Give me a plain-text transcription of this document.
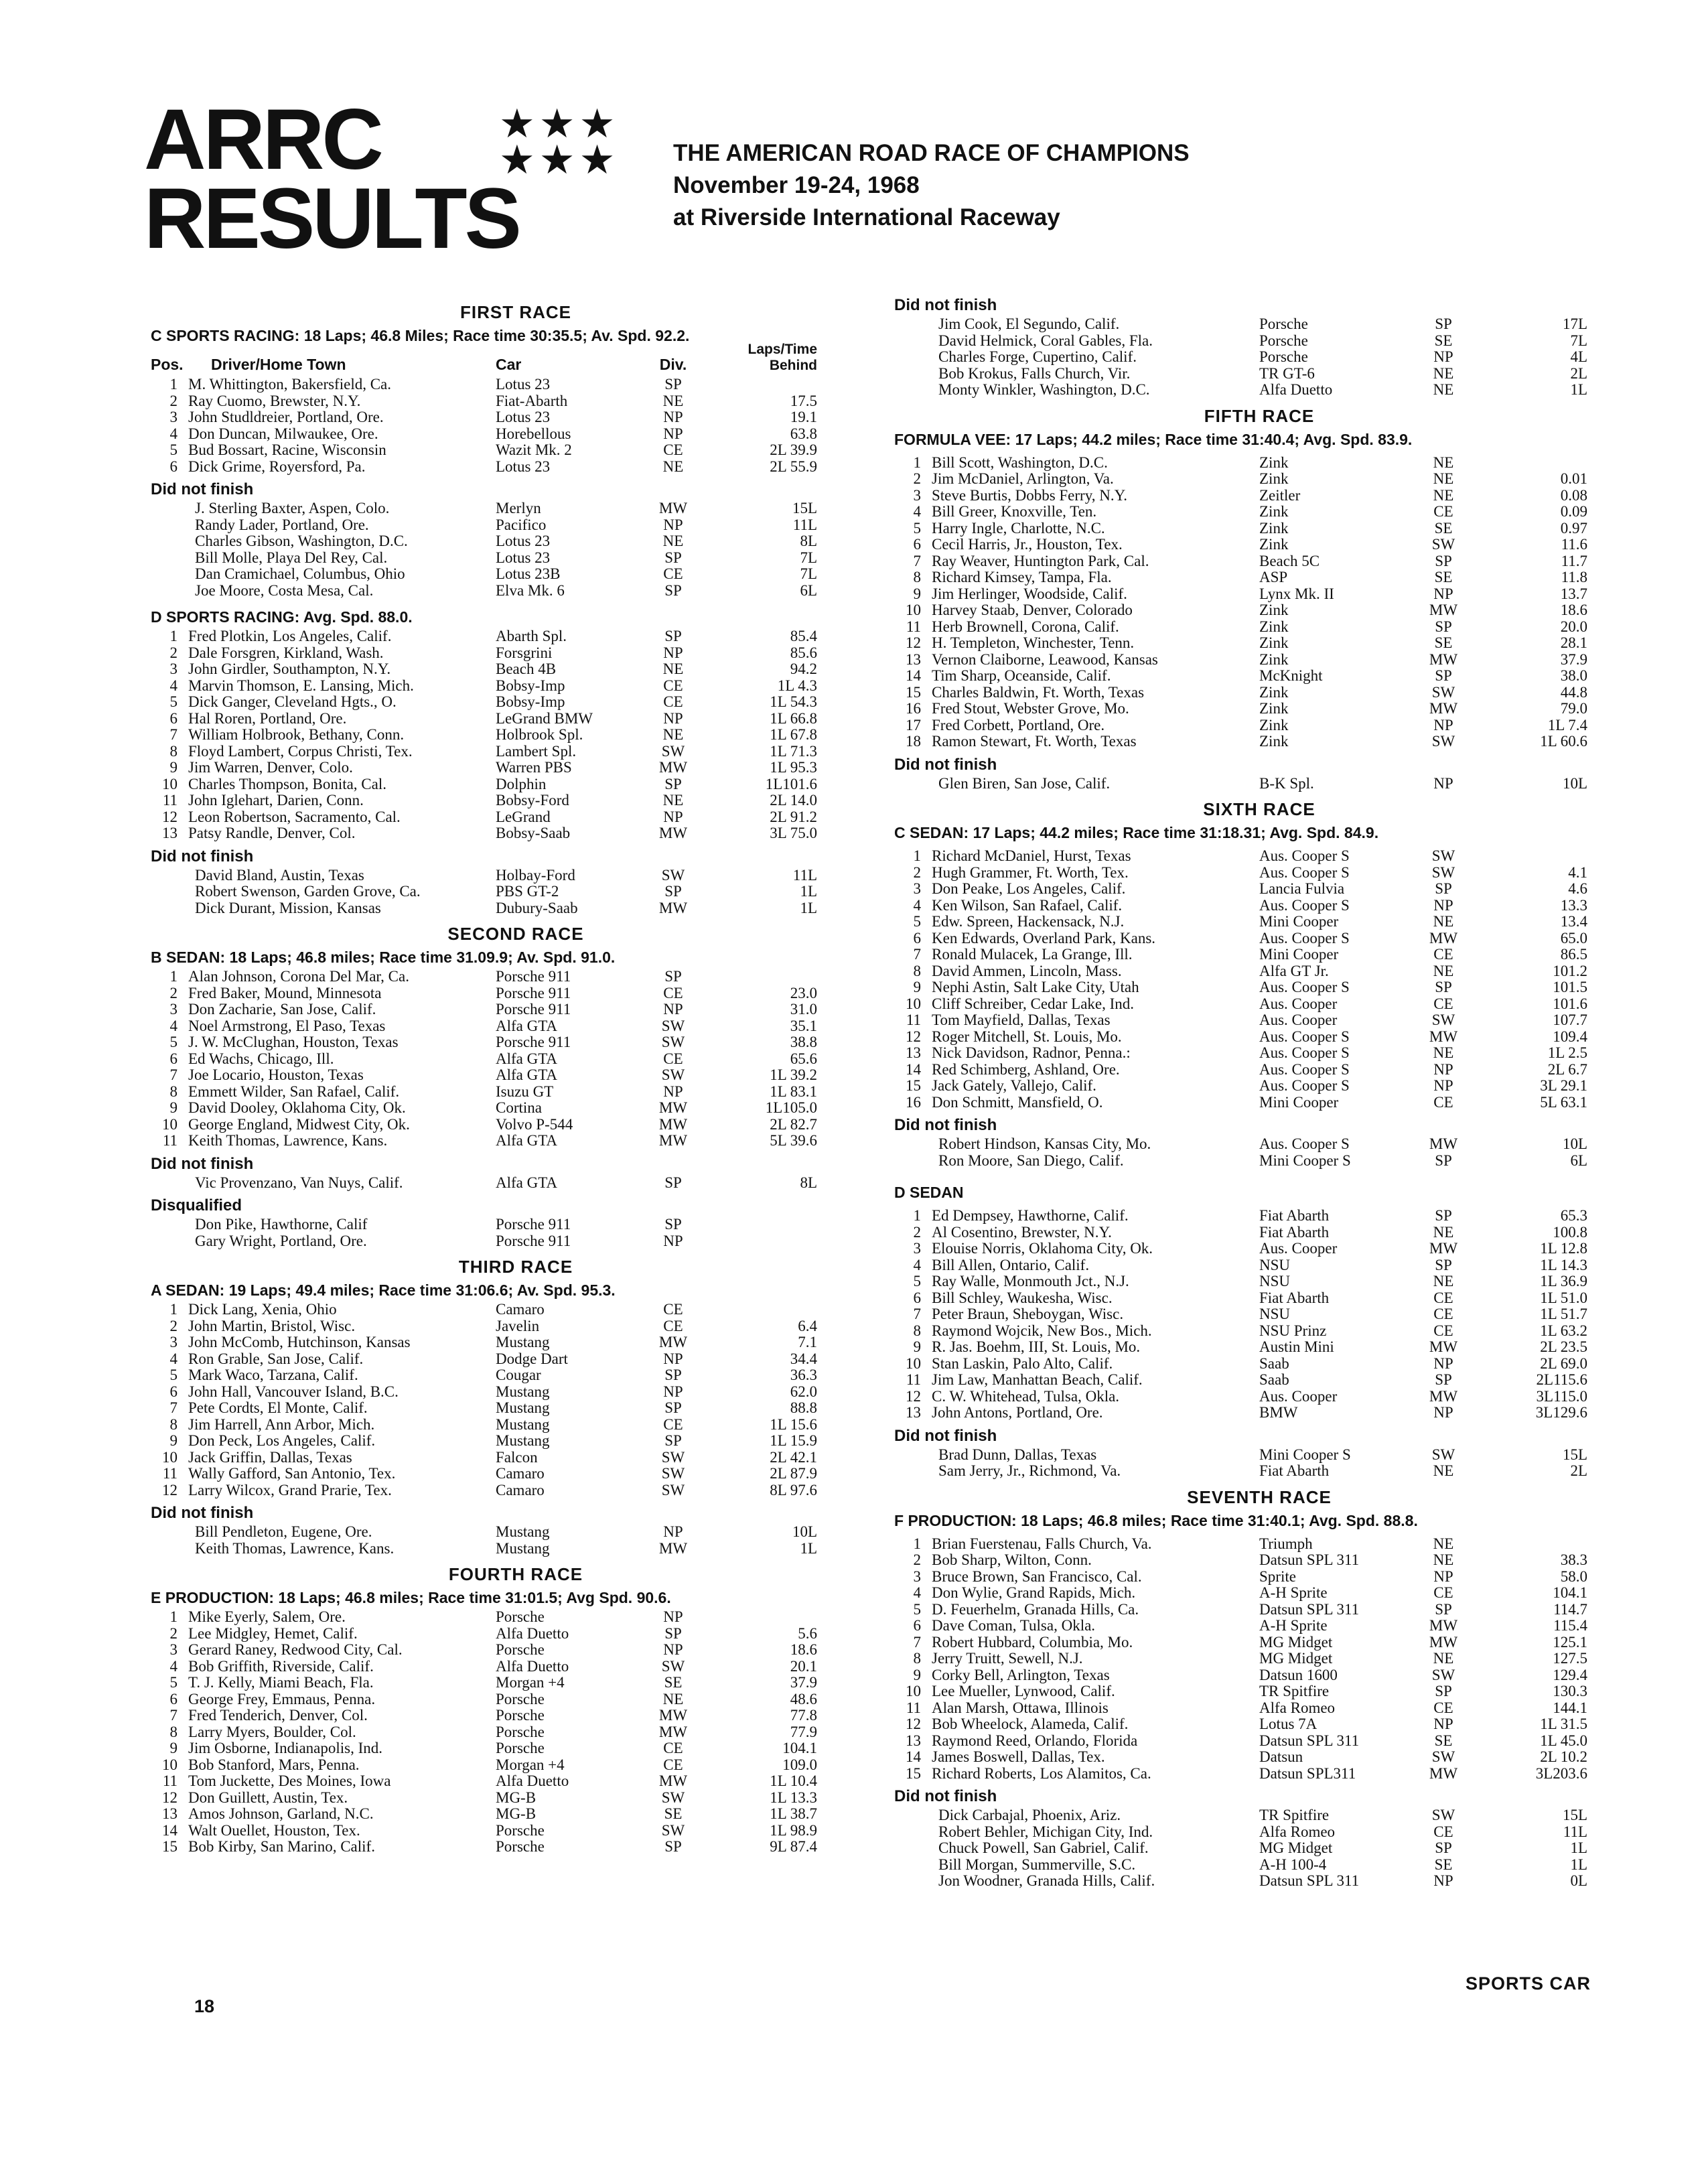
ARRC
RESULTS
★★★
★★★ THE AMERICAN ROAD RACE OF CHAMPIONS
November 19-24, 1968
at Riverside International Raceway
FIRST RACE
C SPORTS RACING: 18 Laps; 46.8 Miles; Race time 30:35.5; Av. Spd. 92.2.
Pos.	Driver/Home Town	Car	Div.
Laps/Time Behind
1 M. Whittington, Bakersfield, Ca.	Lotus 23	SP
2 Ray Cuomo, Brewster, N.Y.	Fiat-Abarth	NE	17.5
3 John Studldreier, Portland, Ore.	Lotus 23	NP	19.1
4 Don Duncan, Milwaukee, Ore.	Horebellous	NP	63.8
5 Bud Bossart, Racine, Wisconsin	Wazit Mk. 2	CE	2L 39.9
6 Dick Grime, Royersford, Pa.	Lotus 23	NE	2L 55.9
Did not finish
J. Sterling Baxter, Aspen, Colo.	Merlyn	MW	15L
Randy Lader, Portland, Ore.	Pacifico	NP	11L
Charles Gibson, Washington, D.C.	Lotus 23	NE	8L
Bill Molle, Playa Del Rey, Cal.	Lotus 23	SP	7L
Dan Cramichael, Columbus, Ohio	Lotus 23B	CE	7L
Joe Moore, Costa Mesa, Cal.	Elva Mk. 6	SP	6L
D SPORTS RACING: Avg. Spd. 88.0.
1 Fred Plotkin, Los Angeles, Calif.	Abarth Spl.	SP	85.4
2 Dale Forsgren, Kirkland, Wash.	Forsgrini	NP	85.6
3 John Girdler, Southampton, N.Y.	Beach 4B	NE	94.2
4 Marvin Thomson, E. Lansing, Mich.	Bobsy-Imp	CE	1L 4.3
5 Dick Ganger, Cleveland Hgts., O.	Bobsy-Imp	CE	1L 54.3
6 Hal Roren, Portland, Ore.	LeGrand BMW	NP	1L 66.8
7 William Holbrook, Bethany, Conn.	Holbrook Spl.	NE	1L 67.8
8 Floyd Lambert, Corpus Christi, Tex.	Lambert Spl.	SW	1L 71.3
9 Jim Warren, Denver, Colo.	Warren PBS	MW	1L 95.3
10 Charles Thompson, Bonita, Cal.	Dolphin	SP	1L101.6
11 John Iglehart, Darien, Conn.	Bobsy-Ford	NE	2L 14.0
12 Leon Robertson, Sacramento, Cal.	LeGrand	NP	2L 91.2
13 Patsy Randle, Denver, Col.	Bobsy-Saab	MW	3L 75.0
Did not finish
David Bland, Austin, Texas	Holbay-Ford	SW	11L
Robert Swenson, Garden Grove, Ca.	PBS GT-2	SP	1L
Dick Durant, Mission, Kansas	Dubury-Saab	MW	1L
SECOND RACE
B SEDAN: 18 Laps; 46.8 miles; Race time 31.09.9; Av. Spd. 91.0.
1 Alan Johnson, Corona Del Mar, Ca.	Porsche 911	SP
2 Fred Baker, Mound, Minnesota	Porsche 911	CE	23.0
3 Don Zacharie, San Jose, Calif.	Porsche 911	NP	31.0
4 Noel Armstrong, El Paso, Texas	Alfa GTA	SW	35.1
5 J. W. McClughan, Houston, Texas	Porsche 911	SW	38.8
6 Ed Wachs, Chicago, Ill.	Alfa GTA	CE	65.6
7 Joe Locario, Houston, Texas	Alfa GTA	SW	1L 39.2
8 Emmett Wilder, San Rafael, Calif.	Isuzu GT	NP	1L 83.1
9 David Dooley, Oklahoma City, Ok.	Cortina	MW	1L105.0
10 George England, Midwest City, Ok.	Volvo P-544	MW	2L 82.7
11 Keith Thomas, Lawrence, Kans.	Alfa GTA	MW	5L 39.6
Did not finish
Vic Provenzano, Van Nuys, Calif.	Alfa GTA	SP	8L
Disqualified
Don Pike, Hawthorne, Calif	Porsche 911	SP
Gary Wright, Portland, Ore.	Porsche 911	NP
THIRD RACE
A SEDAN: 19 Laps; 49.4 miles; Race time 31:06.6; Av. Spd. 95.3.
1 Dick Lang, Xenia, Ohio	Camaro	CE
2 John Martin, Bristol, Wisc.	Javelin	CE	6.4
3 John McComb, Hutchinson, Kansas	Mustang	MW	7.1
4 Ron Grable, San Jose, Calif.	Dodge Dart	NP	34.4
5 Mark Waco, Tarzana, Calif.	Cougar	SP	36.3
6 John Hall, Vancouver Island, B.C.	Mustang	NP	62.0
7 Pete Cordts, El Monte, Calif.	Mustang	SP	88.8
8 Jim Harrell, Ann Arbor, Mich.	Mustang	CE	1L 15.6
9 Don Peck, Los Angeles, Calif.	Mustang	SP	1L 15.9
10 Jack Griffin, Dallas, Texas	Falcon	SW	2L 42.1
11 Wally Gafford, San Antonio, Tex.	Camaro	SW	2L 87.9
12 Larry Wilcox, Grand Prarie, Tex.	Camaro	SW	8L 97.6
Did not finish
Bill Pendleton, Eugene, Ore.	Mustang	NP	10L
Keith Thomas, Lawrence, Kans.	Mustang	MW	1L
FOURTH RACE
E PRODUCTION: 18 Laps; 46.8 miles; Race time 31:01.5; Avg Spd. 90.6.
1 Mike Eyerly, Salem, Ore.	Porsche	NP
2 Lee Midgley, Hemet, Calif.	Alfa Duetto	SP	5.6
3 Gerard Raney, Redwood City, Cal.	Porsche	NP	18.6
4 Bob Griffith, Riverside, Calif.	Alfa Duetto	SW	20.1
5 T. J. Kelly, Miami Beach, Fla.	Morgan +4	SE	37.9
6 George Frey, Emmaus, Penna.	Porsche	NE	48.6
7 Fred Tenderich, Denver, Col.	Porsche	MW	77.8
8 Larry Myers, Boulder, Col.	Porsche	MW	77.9
9 Jim Osborne, Indianapolis, Ind.	Porsche	CE	104.1
10 Bob Stanford, Mars, Penna.	Morgan +4	CE	109.0
11 Tom Juckette, Des Moines, Iowa	Alfa Duetto	MW	1L 10.4
12 Don Guillett, Austin, Tex.	MG-B	SW	1L 13.3
13 Amos Johnson, Garland, N.C.	MG-B	SE	1L 38.7
14 Walt Ouellet, Houston, Tex.	Porsche	SW	1L 98.9
15 Bob Kirby, San Marino, Calif.	Porsche	SP	9L 87.4
Did not finish
Jim Cook, El Segundo, Calif.	Porsche	SP	17L
David Helmick, Coral Gables, Fla.	Porsche	SE	7L
Charles Forge, Cupertino, Calif.	Porsche	NP	4L
Bob Krokus, Falls Church, Vir.	TR GT-6	NE	2L
Monty Winkler, Washington, D.C.	Alfa Duetto	NE	1L
FIFTH RACE
FORMULA VEE: 17 Laps; 44.2 miles; Race time 31:40.4; Avg. Spd. 83.9.
1 Bill Scott, Washington, D.C.	Zink	NE
2 Jim McDaniel, Arlington, Va.	Zink	NE	0.01
3 Steve Burtis, Dobbs Ferry, N.Y.	Zeitler	NE	0.08
4 Bill Greer, Knoxville, Ten.	Zink	CE	0.09
5 Harry Ingle, Charlotte, N.C.	Zink	SE	0.97
6 Cecil Harris, Jr., Houston, Tex.	Zink	SW	11.6
7 Ray Weaver, Huntington Park, Cal.	Beach 5C	SP	11.7
8 Richard Kimsey, Tampa, Fla.	ASP	SE	11.8
9 Jim Herlinger, Woodside, Calif.	Lynx Mk. II	NP	13.7
10 Harvey Staab, Denver, Colorado	Zink	MW	18.6
11 Herb Brownell, Corona, Calif.	Zink	SP	20.0
12 H. Templeton, Winchester, Tenn.	Zink	SE	28.1
13 Vernon Claiborne, Leawood, Kansas	Zink	MW	37.9
14 Tim Sharp, Oceanside, Calif.	McKnight	SP	38.0
15 Charles Baldwin, Ft. Worth, Texas	Zink	SW	44.8
16 Fred Stout, Webster Grove, Mo.	Zink	MW	79.0
17 Fred Corbett, Portland, Ore.	Zink	NP	1L 7.4
18 Ramon Stewart, Ft. Worth, Texas	Zink	SW	1L 60.6
Did not finish
Glen Biren, San Jose, Calif.	B-K Spl.	NP	10L
SIXTH RACE
C SEDAN: 17 Laps; 44.2 miles; Race time 31:18.31; Avg. Spd. 84.9.
1 Richard McDaniel, Hurst, Texas	Aus. Cooper S	SW
2 Hugh Grammer, Ft. Worth, Tex.	Aus. Cooper S	SW	4.1
3 Don Peake, Los Angeles, Calif.	Lancia Fulvia	SP	4.6
4 Ken Wilson, San Rafael, Calif.	Aus. Cooper S	NP	13.3
5 Edw. Spreen, Hackensack, N.J.	Mini Cooper	NE	13.4
6 Ken Edwards, Overland Park, Kans.	Aus. Cooper S	MW	65.0
7 Ronald Mulacek, La Grange, Ill.	Mini Cooper	CE	86.5
8 David Ammen, Lincoln, Mass.	Alfa GT Jr.	NE	101.2
9 Nephi Astin, Salt Lake City, Utah	Aus. Cooper S	SP	101.5
10 Cliff Schreiber, Cedar Lake, Ind.	Aus. Cooper	CE	101.6
11 Tom Mayfield, Dallas, Texas	Aus. Cooper	SW	107.7
12 Roger Mitchell, St. Louis, Mo.	Aus. Cooper S	MW	109.4
13 Nick Davidson, Radnor, Penna.:	Aus. Cooper S	NE	1L 2.5
14 Red Schimberg, Ashland, Ore.	Aus. Cooper S	NP	2L 6.7
15 Jack Gately, Vallejo, Calif.	Aus. Cooper S	NP	3L 29.1
16 Don Schmitt, Mansfield, O.	Mini Cooper	CE	5L 63.1
Did not finish
Robert Hindson, Kansas City, Mo.	Aus. Cooper S	MW	10L
Ron Moore, San Diego, Calif.	Mini Cooper S	SP	6L
D SEDAN
1 Ed Dempsey, Hawthorne, Calif.	Fiat Abarth	SP	65.3
2 Al Cosentino, Brewster, N.Y.	Fiat Abarth	NE	100.8
3 Elouise Norris, Oklahoma City, Ok.	Aus. Cooper	MW	1L 12.8
4 Bill Allen, Ontario, Calif.	NSU	SP	1L 14.3
5 Ray Walle, Monmouth Jct., N.J.	NSU	NE	1L 36.9
6 Bill Schley, Waukesha, Wisc.	Fiat Abarth	CE	1L 51.0
7 Peter Braun, Sheboygan, Wisc.	NSU	CE	1L 51.7
8 Raymond Wojcik, New Bos., Mich.	NSU Prinz	CE	1L 63.2
9 R. Jas. Boehm, III, St. Louis, Mo.	Austin Mini	MW	2L 23.5
10 Stan Laskin, Palo Alto, Calif.	Saab	NP	2L 69.0
11 Jim Law, Manhattan Beach, Calif.	Saab	SP	2L115.6
12 C. W. Whitehead, Tulsa, Okla.	Aus. Cooper	MW	3L115.0
13 John Antons, Portland, Ore.	BMW	NP	3L129.6
Did not finish
Brad Dunn, Dallas, Texas	Mini Cooper S	SW	15L
Sam Jerry, Jr., Richmond, Va.	Fiat Abarth	NE	2L
SEVENTH RACE
F PRODUCTION: 18 Laps; 46.8 miles; Race time 31:40.1; Avg. Spd. 88.8.
1 Brian Fuerstenau, Falls Church, Va.	Triumph	NE
2 Bob Sharp, Wilton, Conn.	Datsun SPL 311	NE	38.3
3 Bruce Brown, San Francisco, Cal.	Sprite	NP	58.0
4 Don Wylie, Grand Rapids, Mich.	A-H Sprite	CE	104.1
5 D. Feuerhelm, Granada Hills, Ca.	Datsun SPL 311	SP	114.7
6 Dave Coman, Tulsa, Okla.	A-H Sprite	MW	115.4
7 Robert Hubbard, Columbia, Mo.	MG Midget	MW	125.1
8 Jerry Truitt, Sewell, N.J.	MG Midget	NE	127.5
9 Corky Bell, Arlington, Texas	Datsun 1600	SW	129.4
10 Lee Mueller, Lynwood, Calif.	TR Spitfire	SP	130.3
11 Alan Marsh, Ottawa, Illinois	Alfa Romeo	CE	144.1
12 Bob Wheelock, Alameda, Calif.	Lotus 7A	NP	1L 31.5
13 Raymond Reed, Orlando, Florida	Datsun SPL 311	SE	1L 45.0
14 James Boswell, Dallas, Tex.	Datsun	SW	2L 10.2
15 Richard Roberts, Los Alamitos, Ca.	Datsun SPL311	MW	3L203.6
Did not finish
Dick Carbajal, Phoenix, Ariz.	TR Spitfire	SW	15L
Robert Behler, Michigan City, Ind.	Alfa Romeo	CE	11L
Chuck Powell, San Gabriel, Calif.	MG Midget	SP	1L
Bill Morgan, Summerville, S.C.	A-H 100-4	SE	1L
Jon Woodner, Granada Hills, Calif.	Datsun SPL 311	NP	0L
18
SPORTS CAR
